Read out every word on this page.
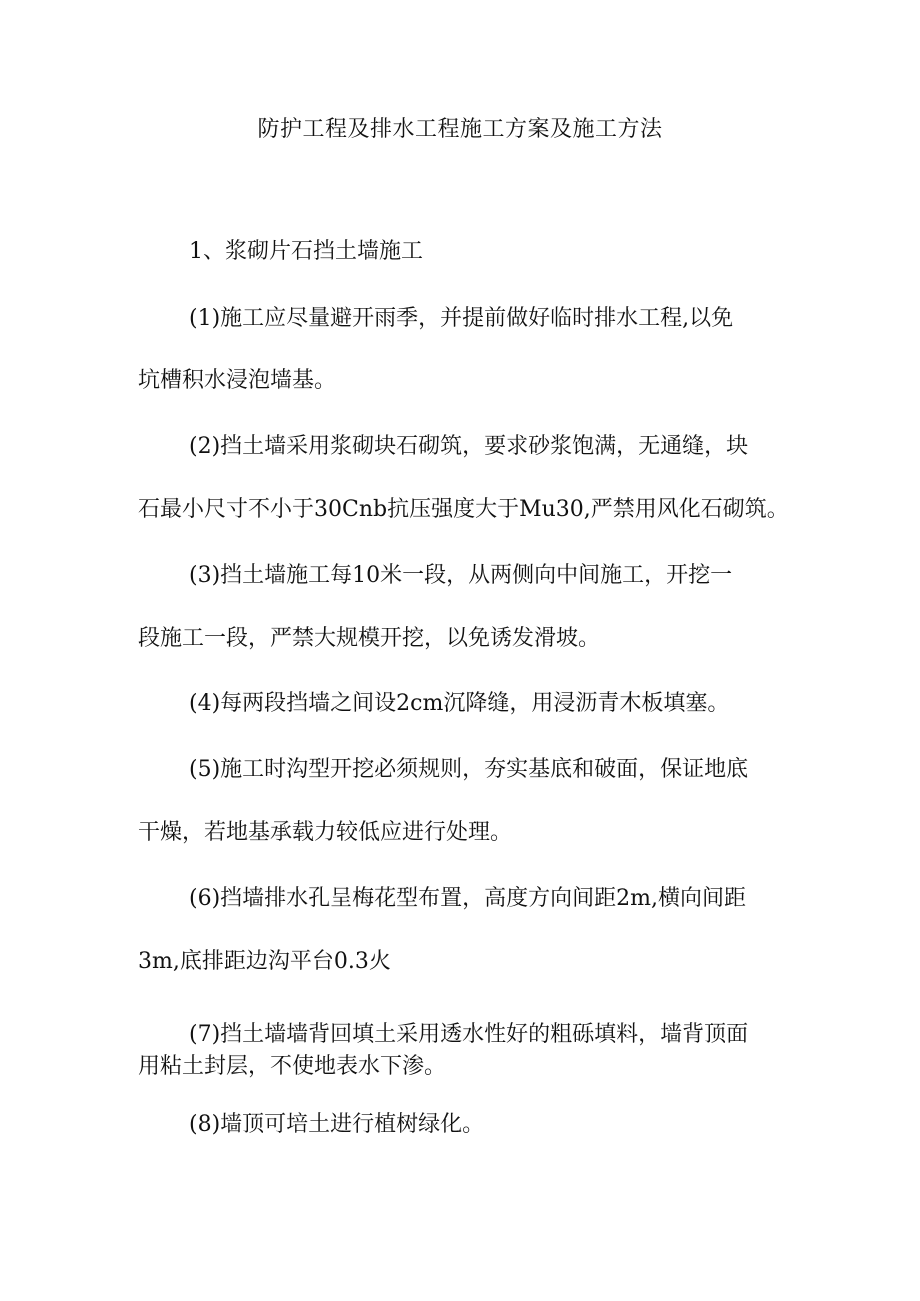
防护工程及排水工程施工方案及施工方法
1、浆砌片石挡土墙施工

(1)施工应尽量避开雨季，并提前做好临时排水工程,以免

坑槽积水浸泡墙基。

(2)挡土墙采用浆砌块石砌筑，要求砂浆饱满，无通缝，块

石最小尺寸不小于30Cnb抗压强度大于Mu30,严禁用风化石砌筑。

(3)挡土墙施工每10米一段，从两侧向中间施工，开挖一

段施工一段，严禁大规模开挖，以免诱发滑坡。

(4)每两段挡墙之间设2cm沉降缝，用浸沥青木板填塞。

(5)施工时沟型开挖必须规则，夯实基底和破面，保证地底

干燥，若地基承载力较低应进行处理。

(6)挡墙排水孔呈梅花型布置，高度方向间距2m,横向间距

3m,底排距边沟平台0.3火

(7)挡土墙墙背回填土采用透水性好的粗砾填料，墙背顶面

用粘土封层，不使地表水下渗。

(8)墙顶可培土进行植树绿化。
